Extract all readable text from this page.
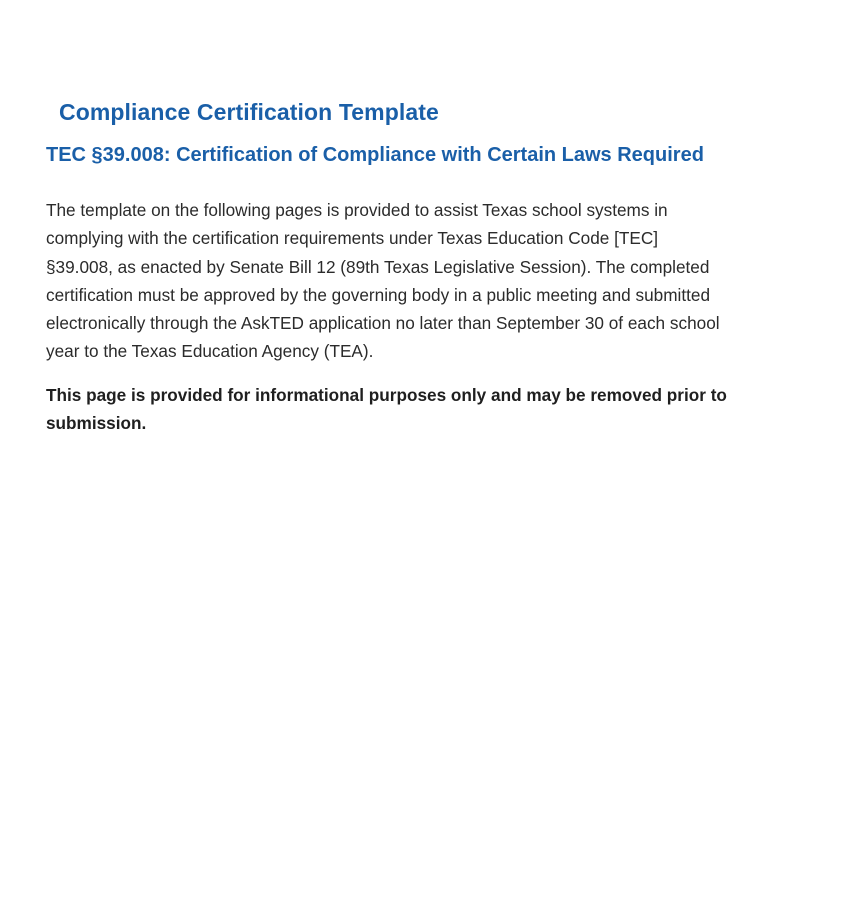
Compliance Certification Template
TEC §39.008: Certification of Compliance with Certain Laws Required

The template on the following pages is provided to assist Texas school systems in
complying with the certification requirements under Texas Education Code [TEC]
§39.008, as enacted by Senate Bill 12 (89th Texas Legislative Session). The completed
certification must be approved by the governing body in a public meeting and submitted
electronically through the AskTED application no later than September 30 of each school
year to the Texas Education Agency (TEA).

This page is provided for informational purposes only and may be removed prior to
submission.
